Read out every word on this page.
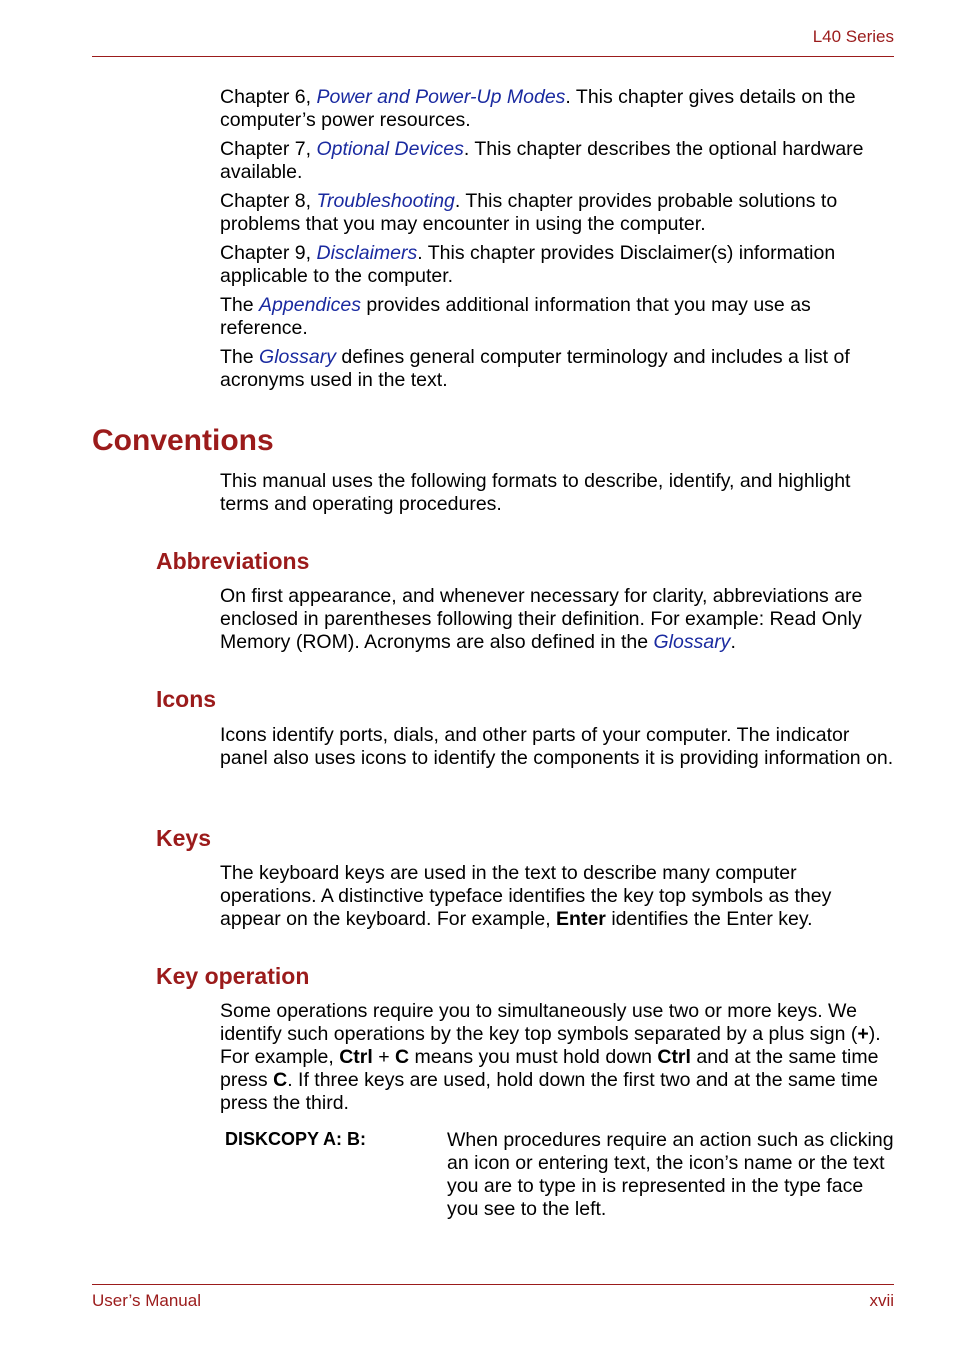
L40 Series

Chapter 6, Power and Power-Up Modes. This chapter gives details on the computer’s power resources.

Chapter 7, Optional Devices. This chapter describes the optional hardware available.

Chapter 8, Troubleshooting. This chapter provides probable solutions to problems that you may encounter in using the computer.

Chapter 9, Disclaimers. This chapter provides Disclaimer(s) information applicable to the computer.

The Appendices provides additional information that you may use as reference.

The Glossary defines general computer terminology and includes a list of acronyms used in the text.

Conventions

This manual uses the following formats to describe, identify, and highlight terms and operating procedures.

Abbreviations

On first appearance, and whenever necessary for clarity, abbreviations are enclosed in parentheses following their definition. For example: Read Only Memory (ROM). Acronyms are also defined in the Glossary.

Icons

Icons identify ports, dials, and other parts of your computer. The indicator panel also uses icons to identify the components it is providing information on.

Keys

The keyboard keys are used in the text to describe many computer operations. A distinctive typeface identifies the key top symbols as they appear on the keyboard. For example, Enter identifies the Enter key.

Key operation

Some operations require you to simultaneously use two or more keys. We identify such operations by the key top symbols separated by a plus sign (+). For example, Ctrl + C means you must hold down Ctrl and at the same time press C. If three keys are used, hold down the first two and at the same time press the third.

DISKCOPY A: B:	When procedures require an action such as clicking an icon or entering text, the icon’s name or the text you are to type in is represented in the type face you see to the left.

User’s Manual	xvii
